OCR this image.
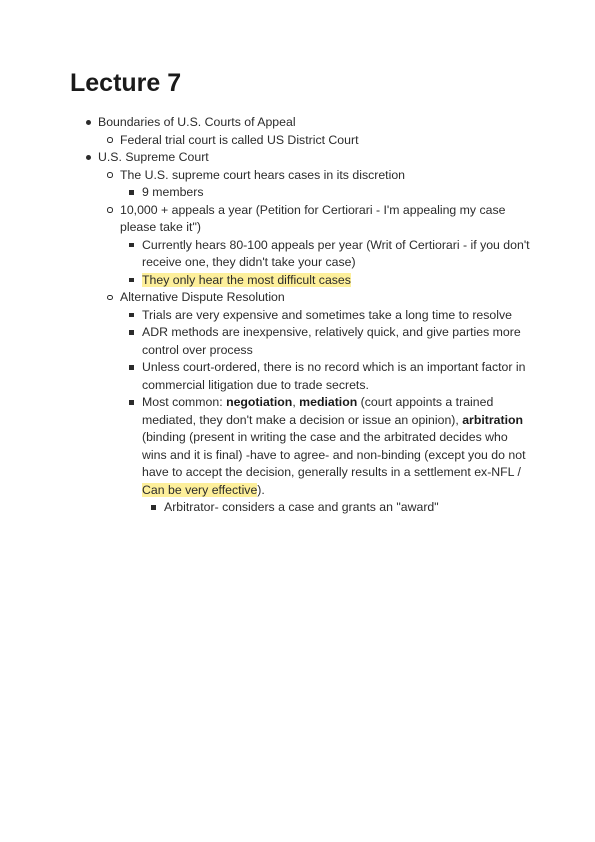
Lecture 7
Boundaries of U.S. Courts of Appeal
Federal trial court is called US District Court
U.S. Supreme Court
The U.S. supreme court hears cases in its discretion
9 members
10,000 + appeals a year (Petition for Certiorari - I'm appealing my case please take it")
Currently hears 80-100 appeals per year (Writ of Certiorari - if you don't receive one, they didn't take your case)
They only hear the most difficult cases
Alternative Dispute Resolution
Trials are very expensive and sometimes take a long time to resolve
ADR methods are inexpensive, relatively quick, and give parties more control over process
Unless court-ordered, there is no record which is an important factor in commercial litigation due to trade secrets.
Most common: negotiation, mediation (court appoints a trained mediated, they don't make a decision or issue an opinion), arbitration (binding (present in writing the case and the arbitrated decides who wins and it is final) -have to agree- and non-binding (except you do not have to accept the decision, generally results in a settlement ex-NFL / Can be very effective).
Arbitrator- considers a case and grants an "award"
